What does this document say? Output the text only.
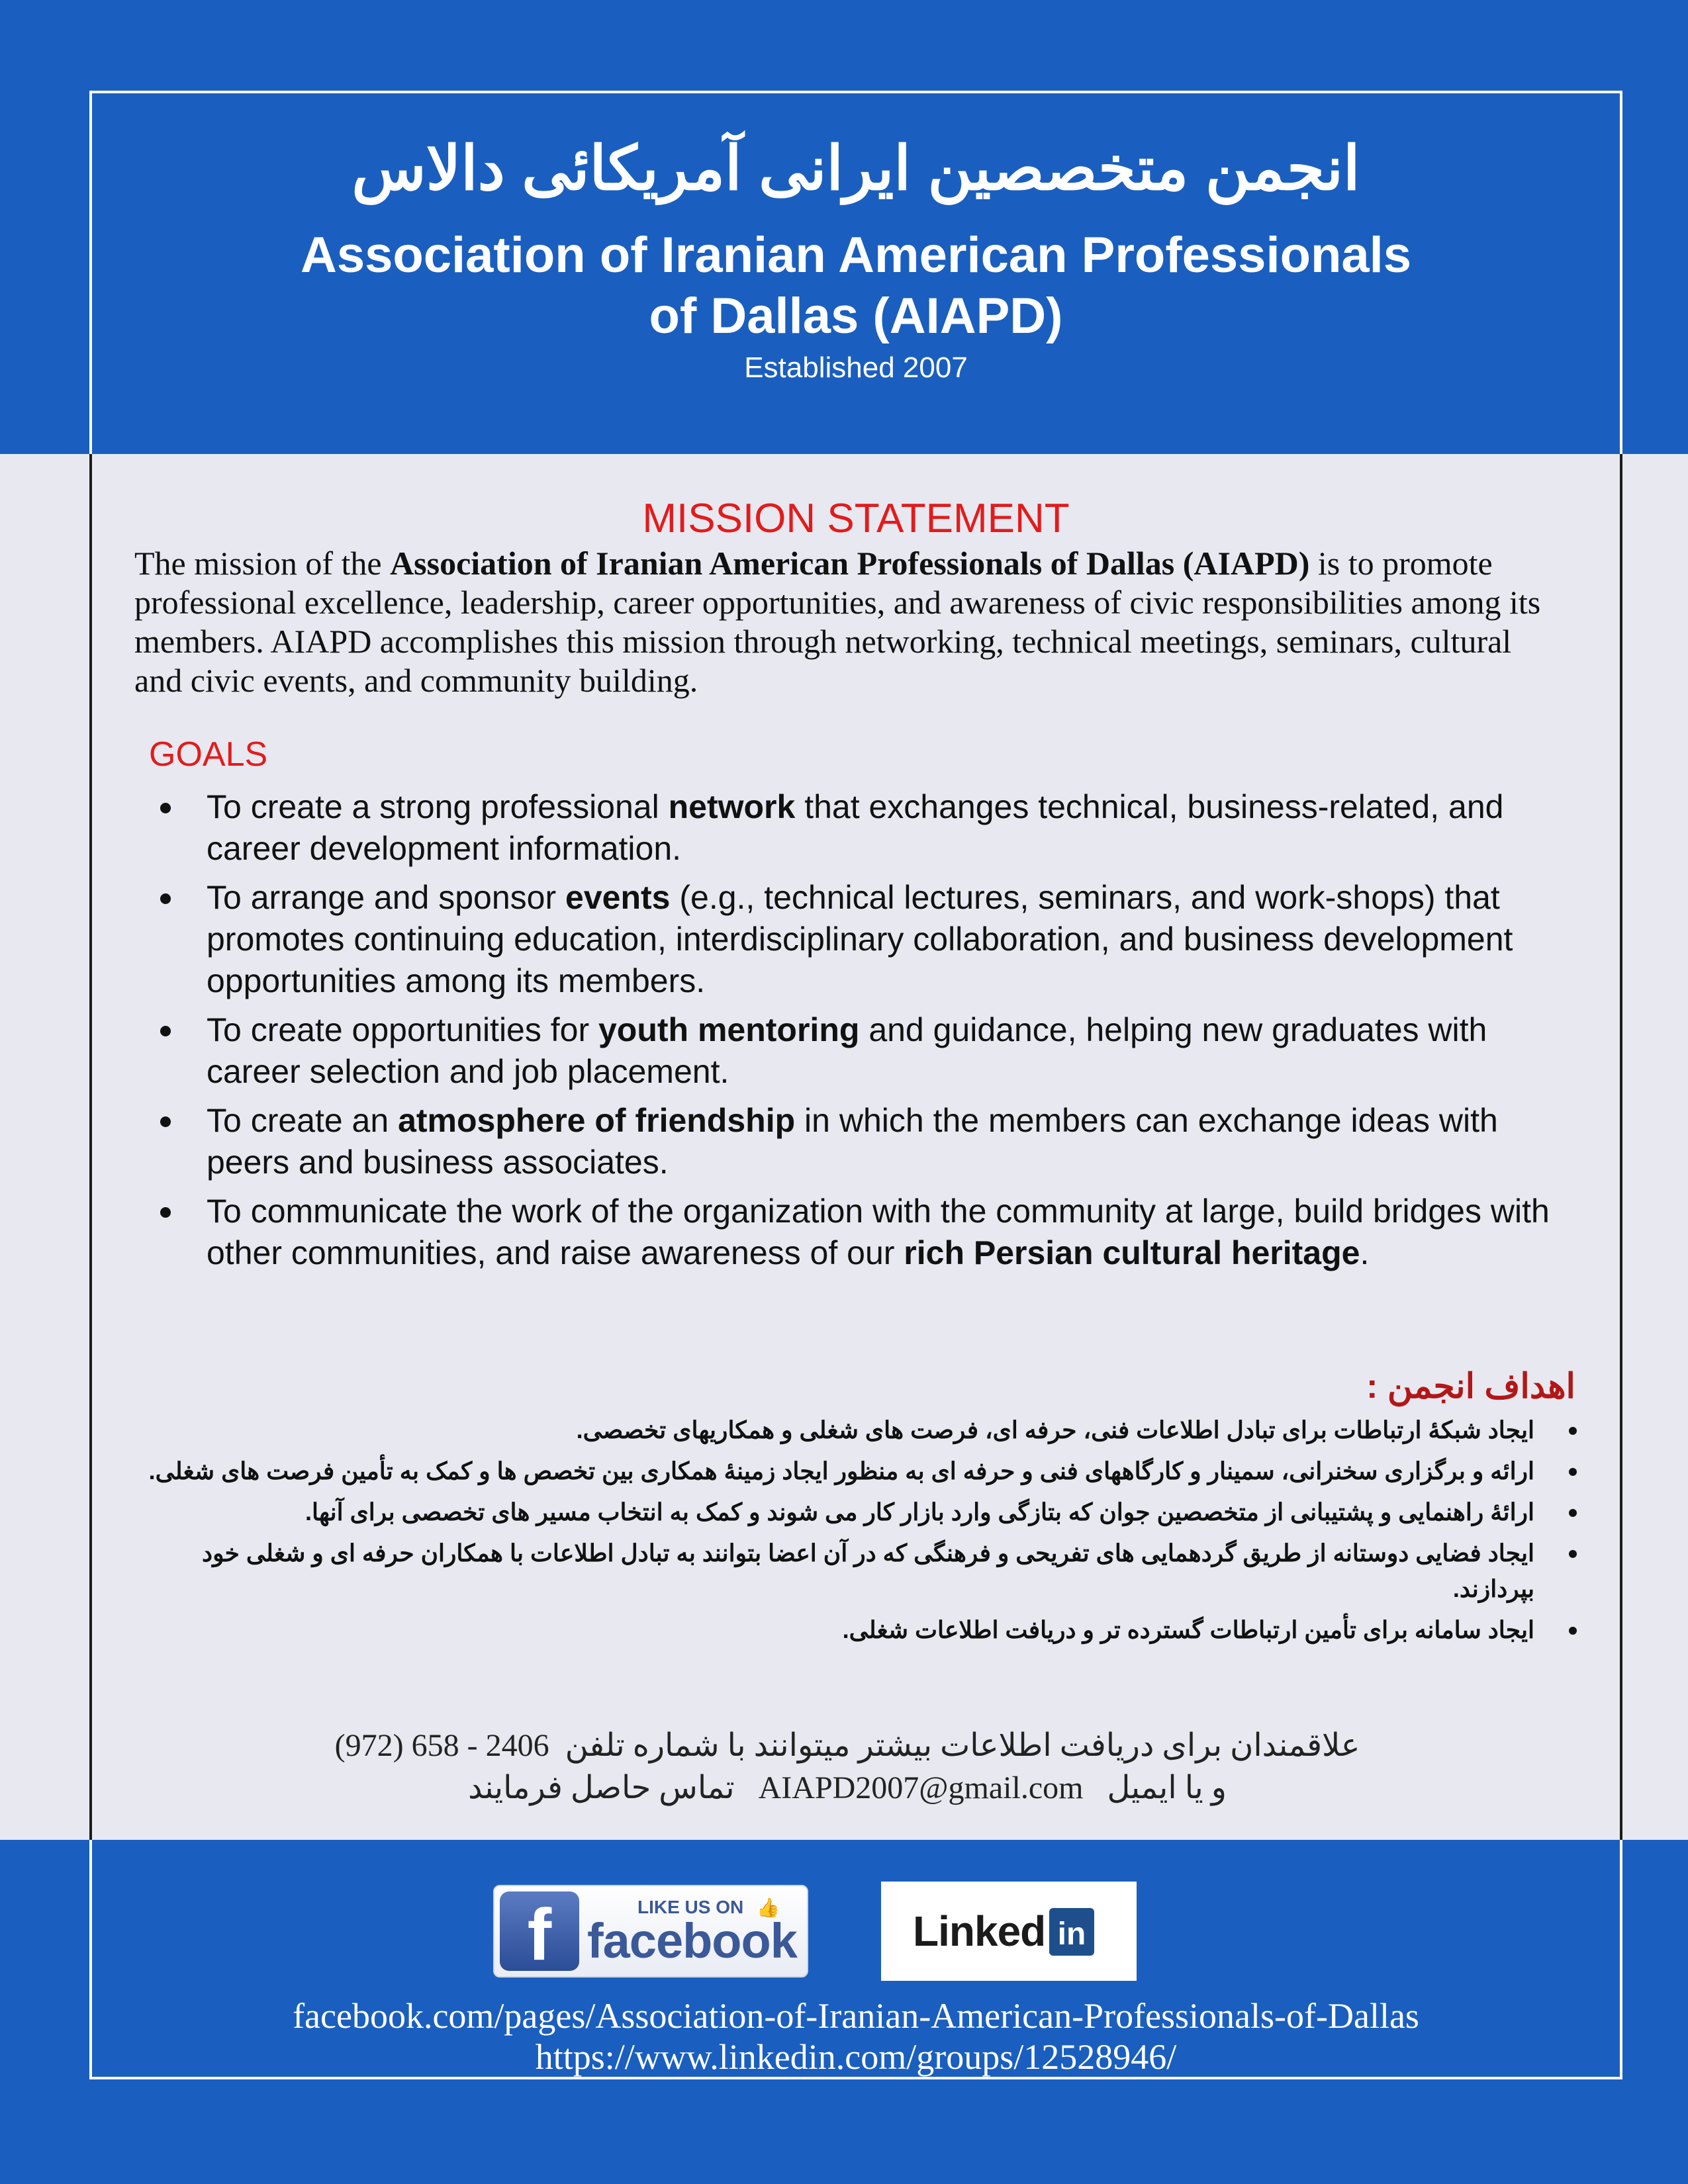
انجمن متخصصین ایرانی آمریکائی دالاس
Association of Iranian American Professionals
of Dallas (AIAPD)
Established 2007
MISSION STATEMENT
The mission of the Association of Iranian American Professionals of Dallas (AIAPD) is to promote professional excellence, leadership, career opportunities, and awareness of civic responsibilities among its members. AIAPD accomplishes this mission through networking, technical meetings, seminars, cultural and civic events, and community building.
GOALS
To create a strong professional network that exchanges technical, business-related, and career development information.
To arrange and sponsor events (e.g., technical lectures, seminars, and work-shops) that promotes continuing education, interdisciplinary collaboration, and business development opportunities among its members.
To create opportunities for youth mentoring and guidance, helping new graduates with career selection and job placement.
To create an atmosphere of friendship in which the members can exchange ideas with peers and business associates.
To communicate the work of the organization with the community at large, build bridges with other communities, and raise awareness of our rich Persian cultural heritage.
اهداف انجمن :
ایجاد شبکهٔ ارتباطات برای تبادل اطلاعات فنی، حرفه ای، فرصت های شغلی و همکاریهای تخصصی.
ارائه و برگزاری سخنرانی، سمینار و کارگاههای فنی و حرفه ای به منظور ایجاد زمینهٔ همکاری بین تخصص ها و کمک به تأمین فرصت های شغلی.
ارائهٔ راهنمایی و پشتیبانی از متخصصین جوان که بتازگی وارد بازار کار می شوند و کمک به انتخاب مسیر های تخصصی برای آنها.
ایجاد فضایی دوستانه از طریق گردهمایی های تفریحی و فرهنگی که در آن اعضا بتوانند به تبادل اطلاعات با همکاران حرفه ای و شغلی خود بپردازند.
ایجاد سامانه برای تأمین ارتباطات گسترده تر و دریافت اطلاعات شغلی.
علاقمندان برای دریافت اطلاعات بیشتر میتوانند با شماره تلفن  (972) 658 - 2406
و یا ایمیل   AIAPD2007@gmail.com   تماس حاصل فرمایند
f	LIKE US ON 👍
facebook	Linked in
facebook.com/pages/Association-of-Iranian-American-Professionals-of-Dallas
https://www.linkedin.com/groups/12528946/
